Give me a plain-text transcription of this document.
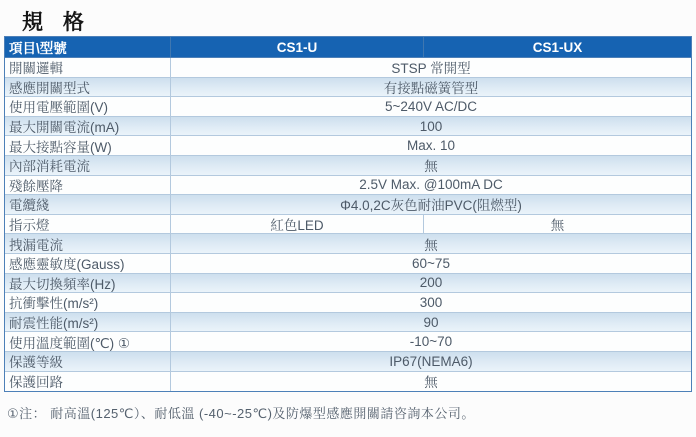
規 格
項目\型號	CS1-U	CS1-UX
開關邏輯	STSP 常開型
感應開關型式	有接點磁簧管型
使用電壓範圍(V)	5~240V AC/DC
最大開關電流(mA)	100
最大接點容量(W)	Max. 10
內部消耗電流	無
殘餘壓降	2.5V Max. @100mA DC
電纜綫	Φ4.0,2C灰色耐油PVC(阻燃型)
指示燈	紅色LED	無
拽漏電流	無
感應靈敏度(Gauss)	60~75
最大切換頻率(Hz)	200
抗衝擊性(m/s²)	300
耐震性能(m/s²)	90
使用溫度範圍(℃) ①	-10~70
保護等級	IP67(NEMA6)
保護回路	無
①注： 耐高溫(125℃）、耐低溫 (-40~-25℃)及防爆型感應開關請咨詢本公司。
